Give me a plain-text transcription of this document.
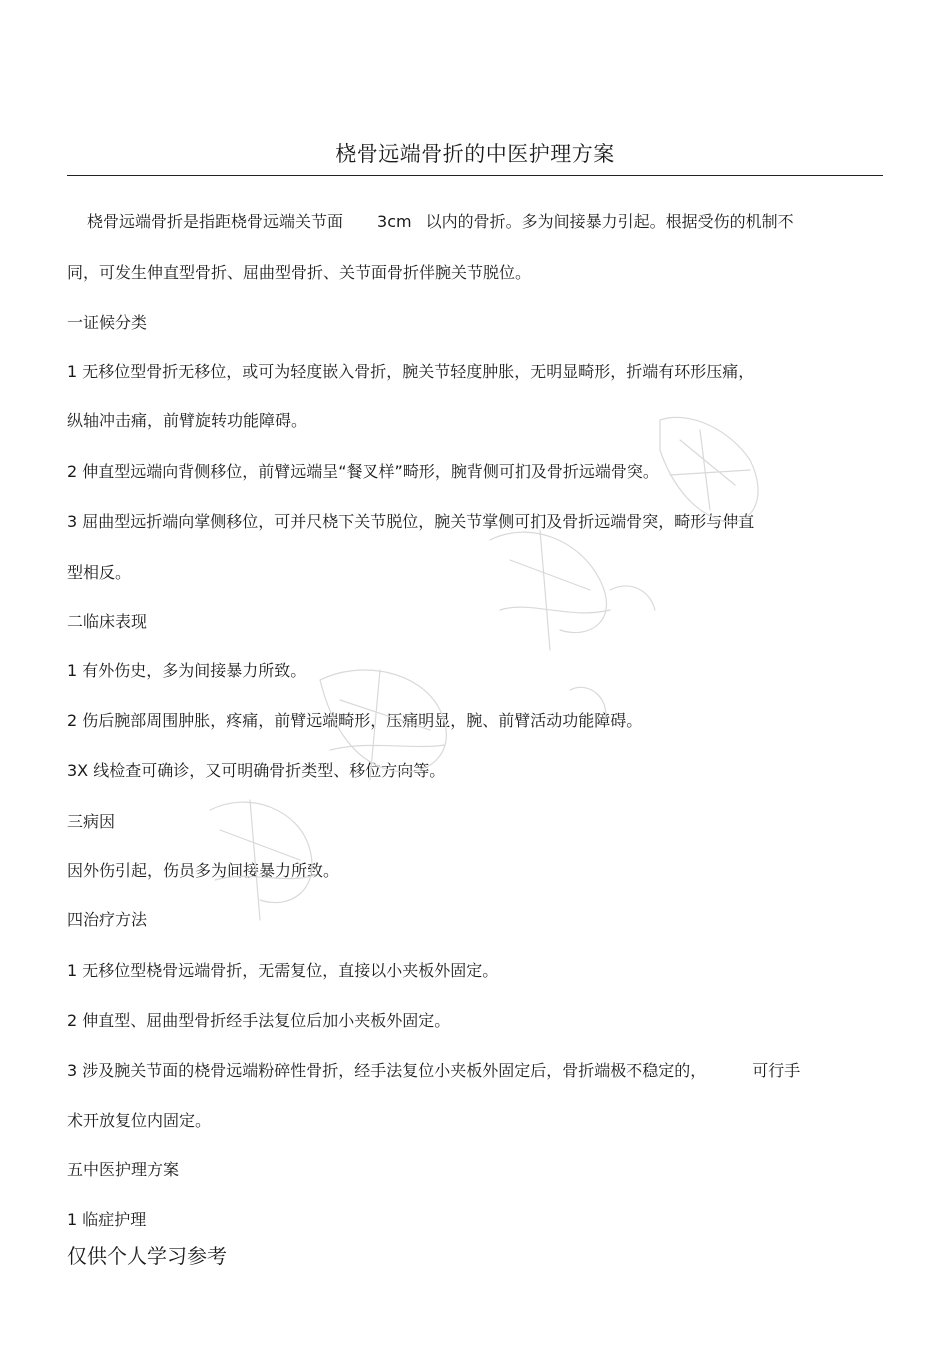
桡骨远端骨折的中医护理方案
桡骨远端骨折是指距桡骨远端关节面 3cm 以内的骨折。多为间接暴力引起。根据受伤的机制不
同，可发生伸直型骨折、屈曲型骨折、关节面骨折伴腕关节脱位。
一证候分类
1 无移位型骨折无移位，或可为轻度嵌入骨折，腕关节轻度肿胀，无明显畸形，折端有环形压痛，
纵轴冲击痛，前臂旋转功能障碍。
2 伸直型远端向背侧移位，前臂远端呈“餐叉样”畸形，腕背侧可扪及骨折远端骨突。
3 屈曲型远折端向掌侧移位，可并尺桡下关节脱位，腕关节掌侧可扪及骨折远端骨突，畸形与伸直
型相反。
二临床表现
1 有外伤史，多为间接暴力所致。
2 伤后腕部周围肿胀，疼痛，前臂远端畸形，压痛明显，腕、前臂活动功能障碍。
3X 线检查可确诊，又可明确骨折类型、移位方向等。
三病因
因外伤引起，伤员多为间接暴力所致。
四治疗方法
1 无移位型桡骨远端骨折，无需复位，直接以小夹板外固定。
2 伸直型、屈曲型骨折经手法复位后加小夹板外固定。
3 涉及腕关节面的桡骨远端粉碎性骨折，经手法复位小夹板外固定后，骨折端极不稳定的，	可行手
术开放复位内固定。
五中医护理方案
1 临症护理
仅供个人学习参考
